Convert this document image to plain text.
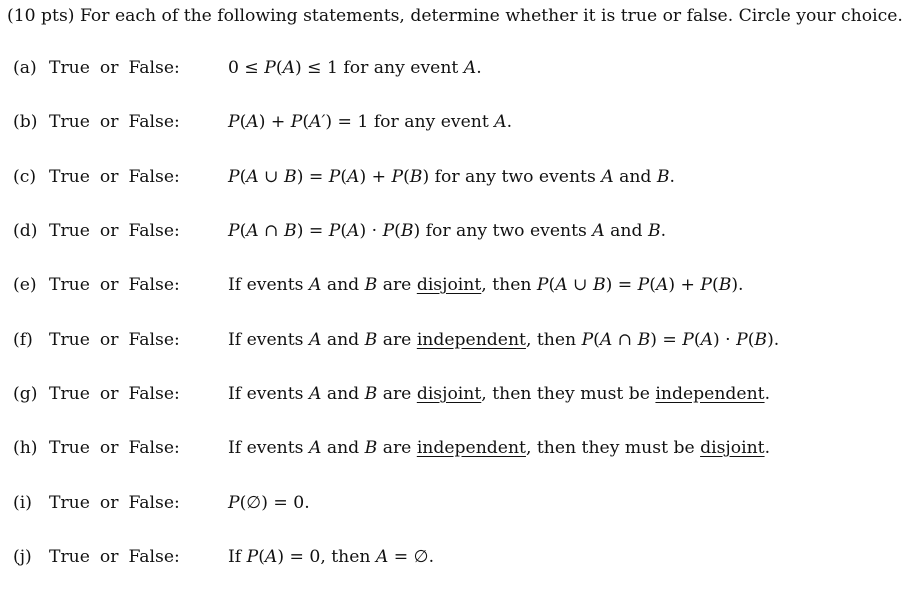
(10 pts) For each of the following statements, determine whether it is true or false. Circle your choice.
(a) True or False:	0 ≤ P(A) ≤ 1 for any event A.
(b) True or False:	P(A) + P(A′) = 1 for any event A.
(c) True or False:	P(A ∪ B) = P(A) + P(B) for any two events A and B.
(d) True or False:	P(A ∩ B) = P(A) · P(B) for any two events A and B.
(e) True or False:	If events A and B are disjoint, then P(A ∪ B) = P(A) + P(B).
(f) True or False:	If events A and B are independent, then P(A ∩ B) = P(A) · P(B).
(g) True or False:	If events A and B are disjoint, then they must be independent.
(h) True or False:	If events A and B are independent, then they must be disjoint.
(i) True or False:	P(∅) = 0.
(j) True or False:	If P(A) = 0, then A = ∅.
